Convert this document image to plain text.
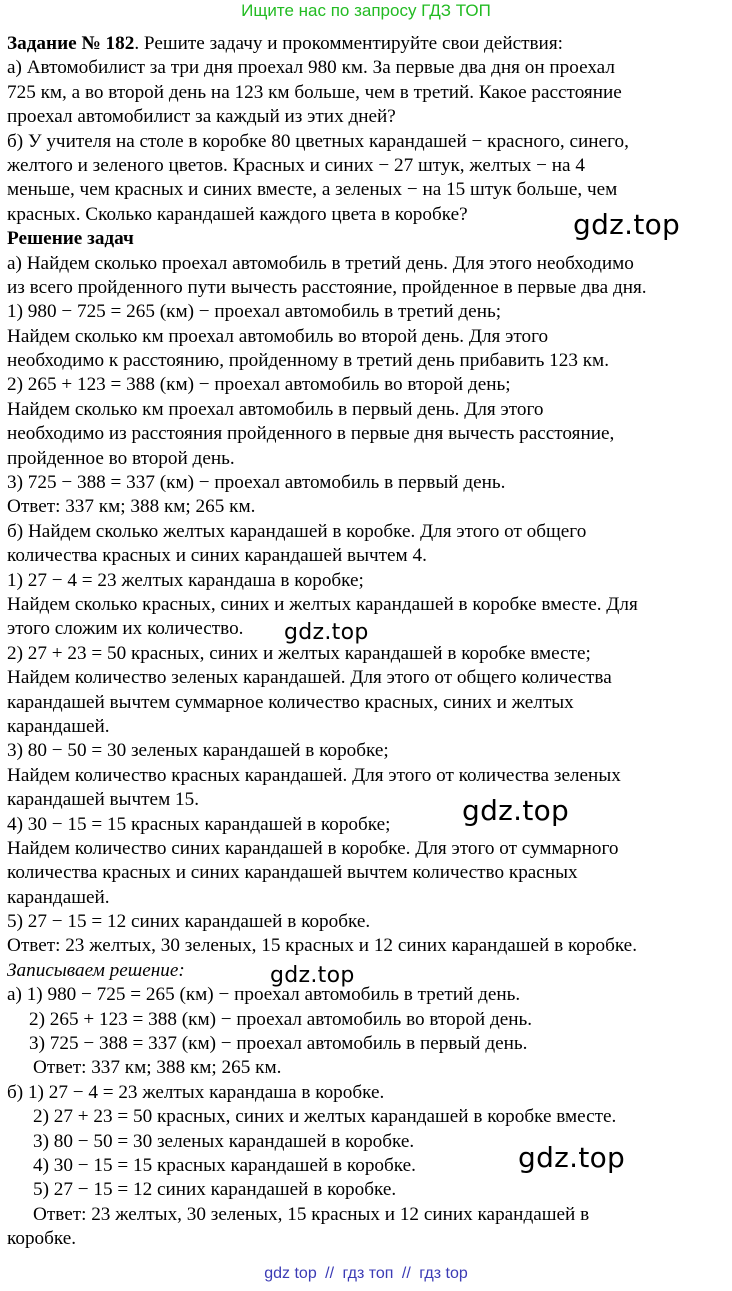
Ищите нас по запросу ГДЗ ТОП
Задание № 182. Решите задачу и прокомментируйте свои действия:
а) Автомобилист за три дня проехал 980 км. За первые два дня он проехал
725 км, а во второй день на 123 км больше, чем в третий. Какое расстояние
проехал автомобилист за каждый из этих дней?
б) У учителя на столе в коробке 80 цветных карандашей − красного, синего,
желтого и зеленого цветов. Красных и синих − 27 штук, желтых − на 4
меньше, чем красных и синих вместе, а зеленых − на 15 штук больше, чем
красных. Сколько карандашей каждого цвета в коробке?
Решение задач
а) Найдем сколько проехал автомобиль в третий день. Для этого необходимо
из всего пройденного пути вычесть расстояние, пройденное в первые два дня.
1) 980 − 725 = 265 (км) − проехал автомобиль в третий день;
Найдем сколько км проехал автомобиль во второй день. Для этого
необходимо к расстоянию, пройденному в третий день прибавить 123 км.
2) 265 + 123 = 388 (км) − проехал автомобиль во второй день;
Найдем сколько км проехал автомобиль в первый день. Для этого
необходимо из расстояния пройденного в первые дня вычесть расстояние,
пройденное во второй день.
3) 725 − 388 = 337 (км) − проехал автомобиль в первый день.
Ответ: 337 км; 388 км; 265 км.
б) Найдем сколько желтых карандашей в коробке. Для этого от общего
количества красных и синих карандашей вычтем 4.
1) 27 − 4 = 23 желтых карандаша в коробке;
Найдем сколько красных, синих и желтых карандашей в коробке вместе. Для
этого сложим их количество.
2) 27 + 23 = 50 красных, синих и желтых карандашей в коробке вместе;
Найдем количество зеленых карандашей. Для этого от общего количества
карандашей вычтем суммарное количество красных, синих и желтых
карандашей.
3) 80 − 50 = 30 зеленых карандашей в коробке;
Найдем количество красных карандашей. Для этого от количества зеленых
карандашей вычтем 15.
4) 30 − 15 = 15 красных карандашей в коробке;
Найдем количество синих карандашей в коробке. Для этого от суммарного
количества красных и синих карандашей вычтем количество красных
карандашей.
5) 27 − 15 = 12 синих карандашей в коробке.
Ответ: 23 желтых, 30 зеленых, 15 красных и 12 синих карандашей в коробке.
Записываем решение:
а) 1) 980 − 725 = 265 (км) − проехал автомобиль в третий день.
2) 265 + 123 = 388 (км) − проехал автомобиль во второй день.
3) 725 − 388 = 337 (км) − проехал автомобиль в первый день.
Ответ: 337 км; 388 км; 265 км.
б) 1) 27 − 4 = 23 желтых карандаша в коробке.
2) 27 + 23 = 50 красных, синих и желтых карандашей в коробке вместе.
3) 80 − 50 = 30 зеленых карандашей в коробке.
4) 30 − 15 = 15 красных карандашей в коробке.
5) 27 − 15 = 12 синих карандашей в коробке.
Ответ: 23 желтых, 30 зеленых, 15 красных и 12 синих карандашей в
коробке.
gdz.top
gdz.top
gdz.top
gdz.top
gdz.top
gdz top // гдз топ // гдз top
